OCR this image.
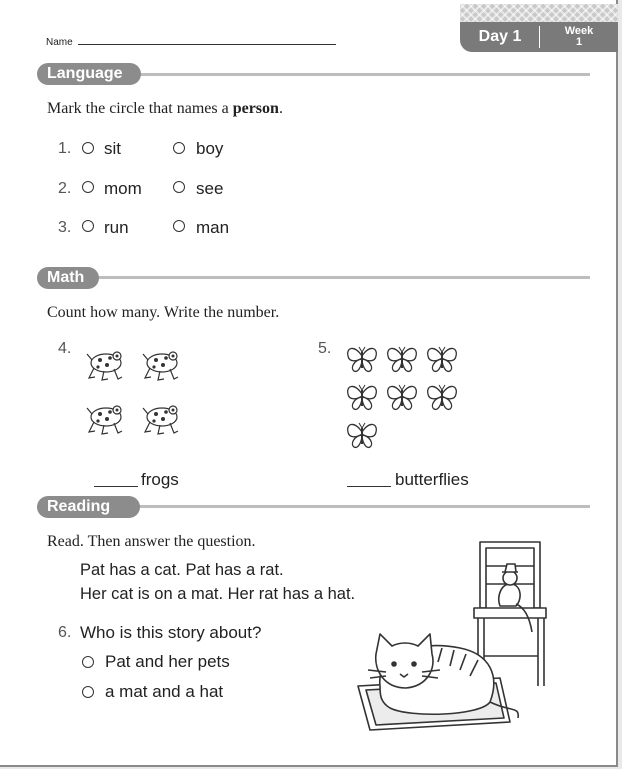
Name	Day 1	Week
1
Language
Mark the circle that names a person.
1. sit	boy
2. mom	see
3. run	man
Math
Count how many. Write the number.
4.
frogs
5.
butterflies
Reading
Read. Then answer the question.
Pat has a cat. Pat has a rat.
Her cat is on a mat. Her rat has a hat.
6. Who is this story about?
Pat and her pets
a mat and a hat
